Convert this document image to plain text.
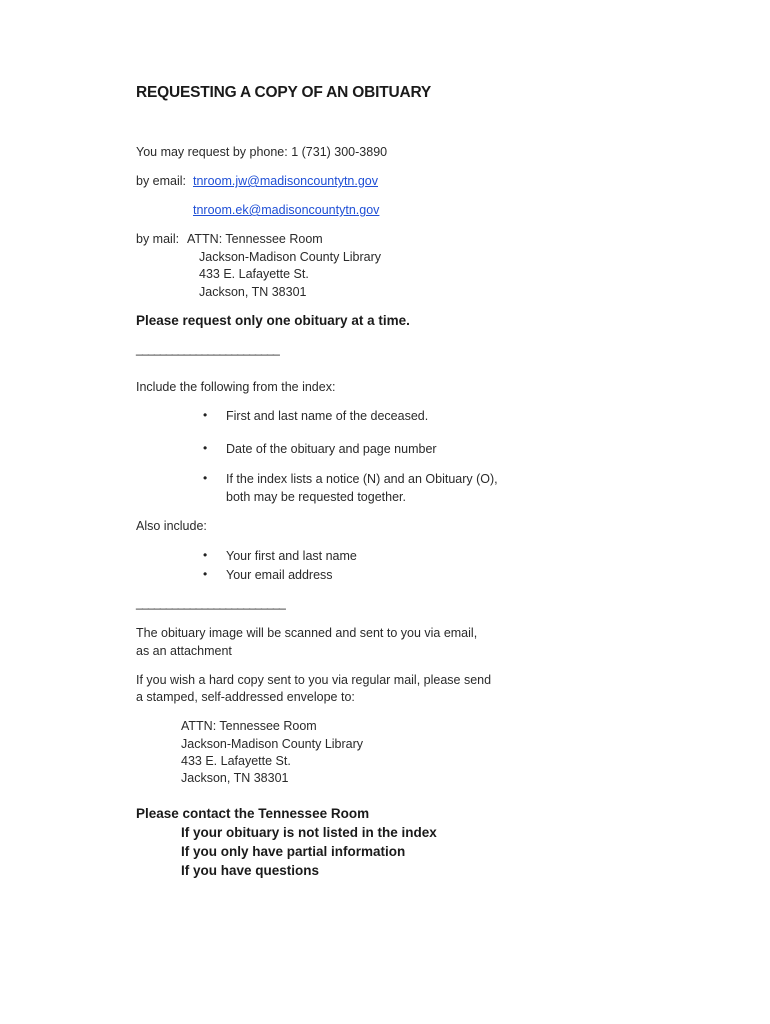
REQUESTING A COPY OF AN OBITUARY
You may request by phone: 1 (731) 300-3890
by email: tnroom.jw@madisoncountytn.gov
tnroom.ek@madisoncountytn.gov
by mail: ATTN: Tennessee Room
Jackson-Madison County Library
433 E. Lafayette St.
Jackson, TN 38301
Please request only one obituary at a time.
________________________
Include the following from the index:
• First and last name of the deceased.
• Date of the obituary and page number
• If the index lists a notice (N) and an Obituary (O),
both may be requested together.
Also include:
• Your first and last name
• Your email address
_________________________
The obituary image will be scanned and sent to you via email,
as an attachment
If you wish a hard copy sent to you via regular mail, please send
a stamped, self-addressed envelope to:
ATTN: Tennessee Room
Jackson-Madison County Library
433 E. Lafayette St.
Jackson, TN 38301
Please contact the Tennessee Room
If your obituary is not listed in the index
If you only have partial information
If you have questions
